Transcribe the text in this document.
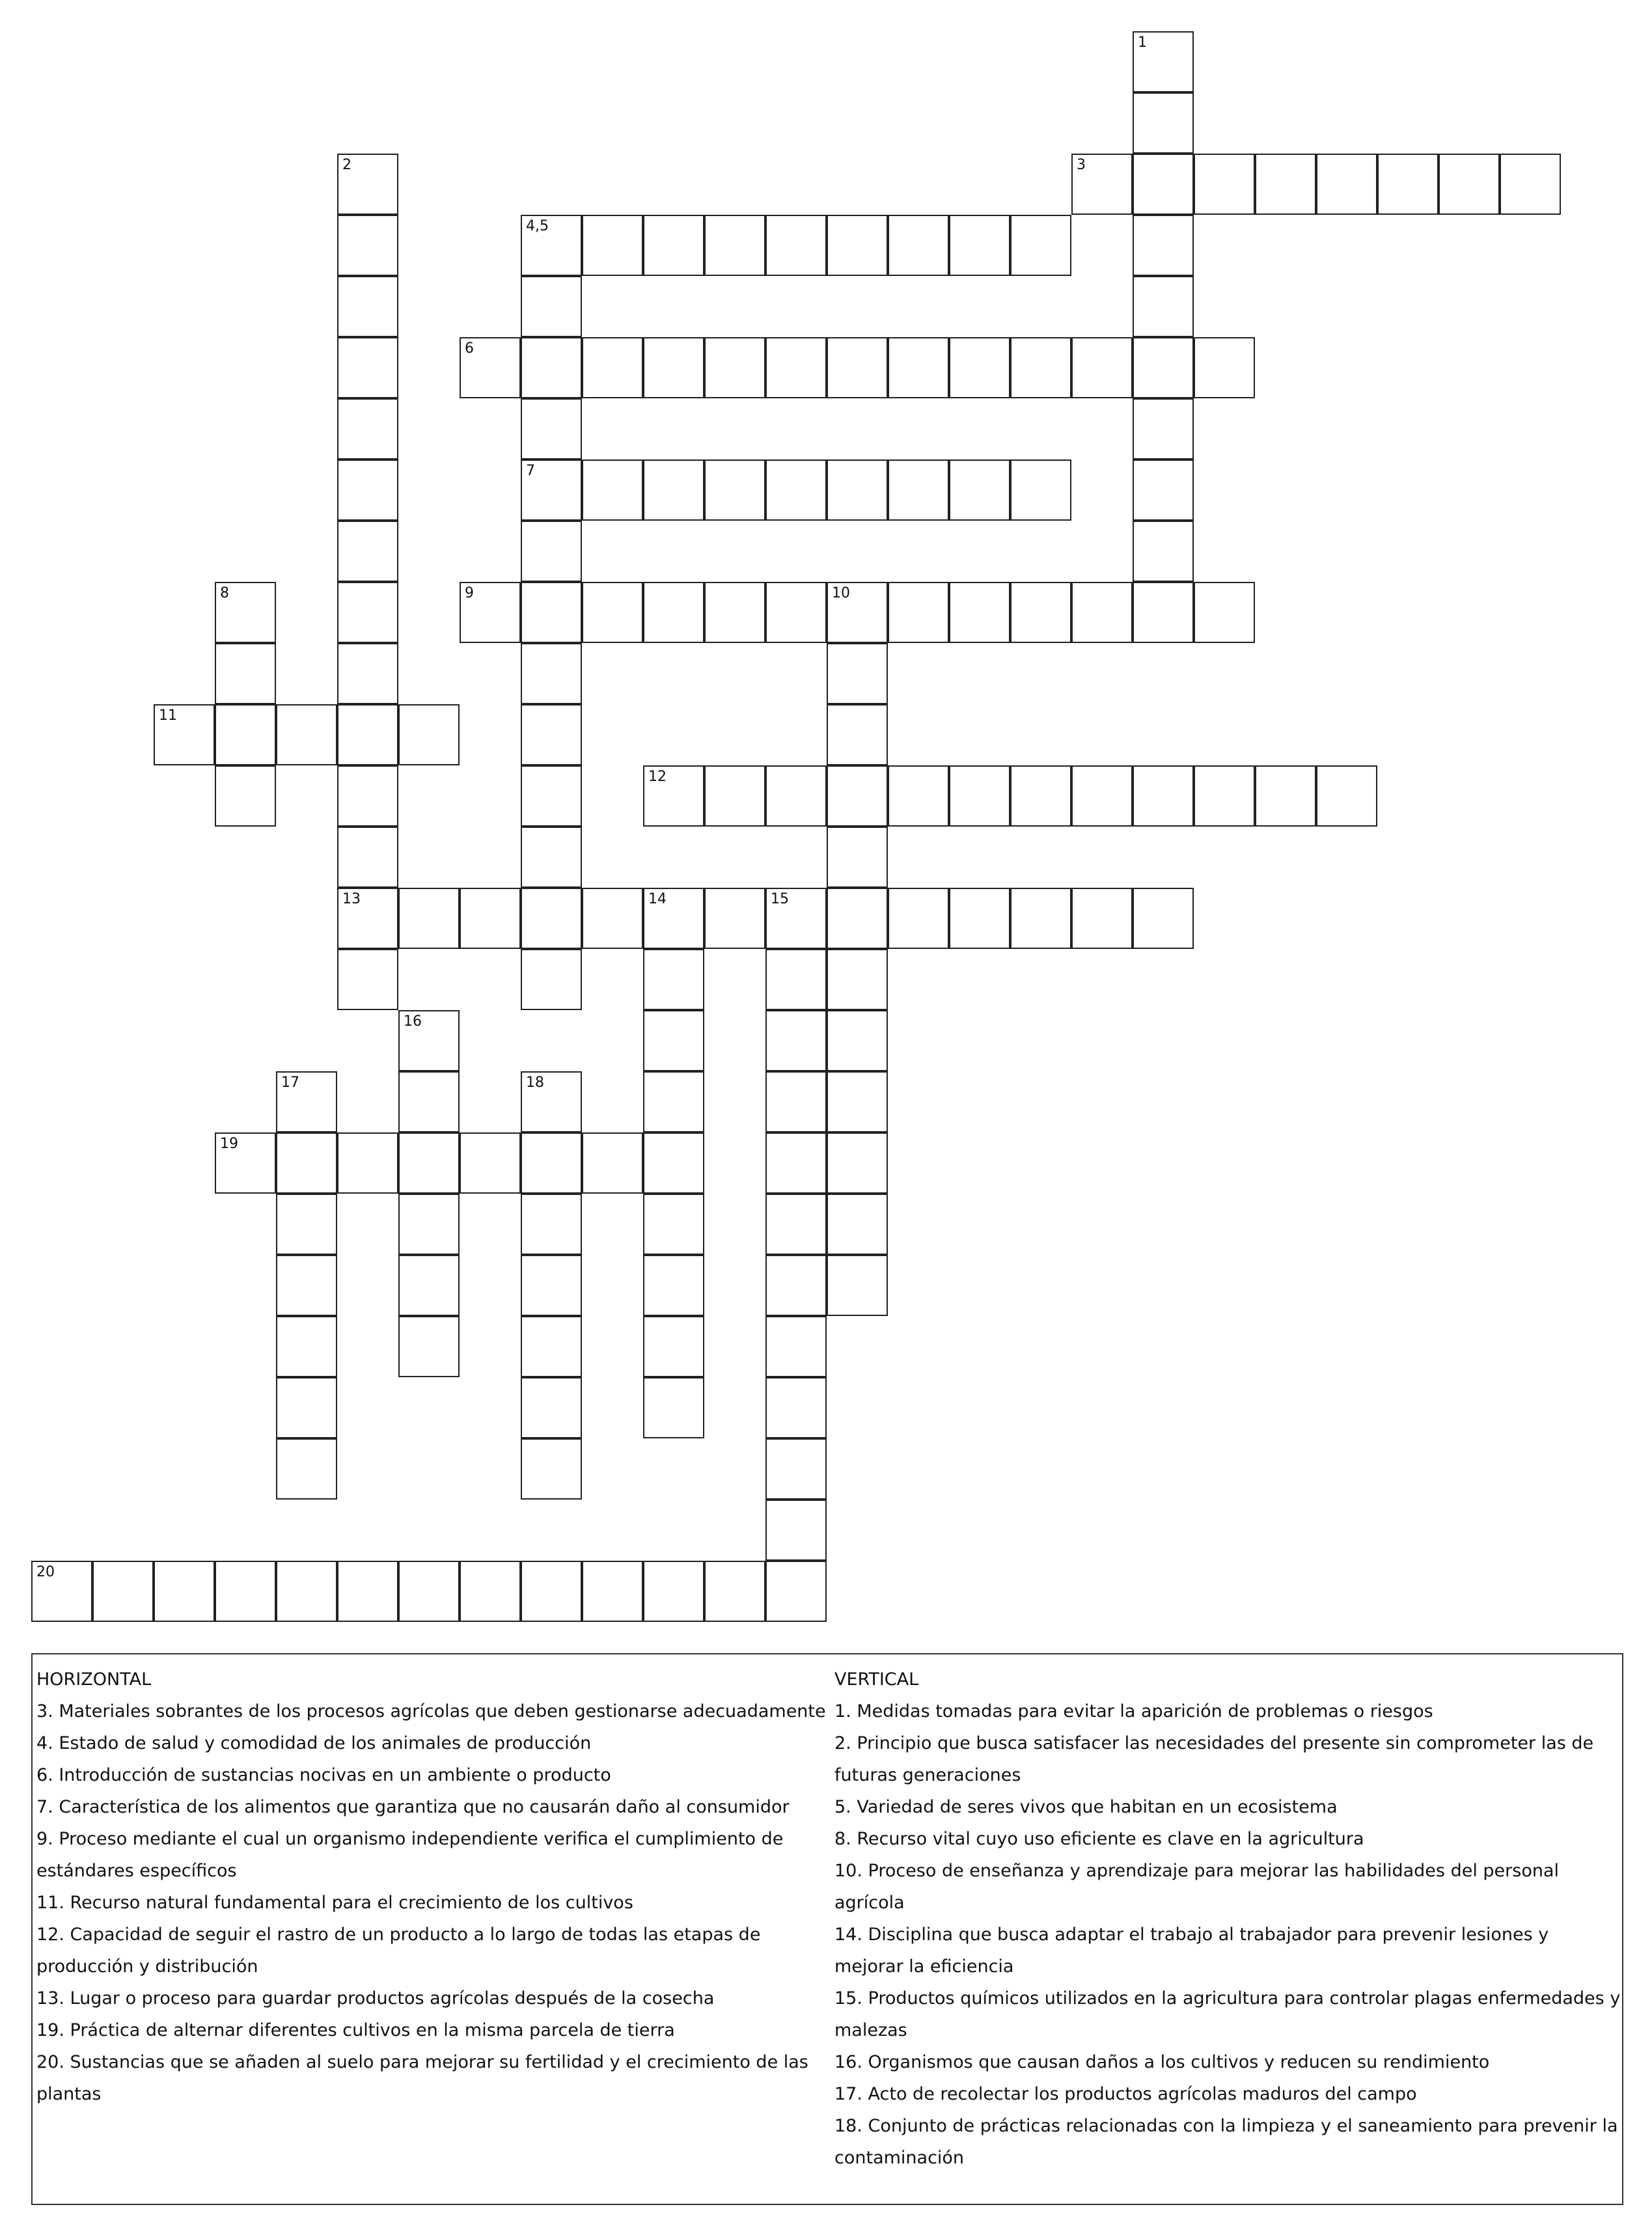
3
4,5
6
7
9	10
11
12
13	14	15
19
20
1
2
8
16
17	18
HORIZONTAL
3. Materiales sobrantes de los procesos agrícolas que deben gestionarse adecuadamente
4. Estado de salud y comodidad de los animales de producción
6. Introducción de sustancias nocivas en un ambiente o producto
7. Característica de los alimentos que garantiza que no causarán daño al consumidor
9. Proceso mediante el cual un organismo independiente verifica el cumplimiento de estándares específicos
11. Recurso natural fundamental para el crecimiento de los cultivos
12. Capacidad de seguir el rastro de un producto a lo largo de todas las etapas de producción y distribución
13. Lugar o proceso para guardar productos agrícolas después de la cosecha
19. Práctica de alternar diferentes cultivos en la misma parcela de tierra
20. Sustancias que se añaden al suelo para mejorar su fertilidad y el crecimiento de las plantas
VERTICAL
1. Medidas tomadas para evitar la aparición de problemas o riesgos
2. Principio que busca satisfacer las necesidades del presente sin comprometer las de futuras generaciones
5. Variedad de seres vivos que habitan en un ecosistema
8. Recurso vital cuyo uso eficiente es clave en la agricultura
10. Proceso de enseñanza y aprendizaje para mejorar las habilidades del personal agrícola
14. Disciplina que busca adaptar el trabajo al trabajador para prevenir lesiones y mejorar la eficiencia
15. Productos químicos utilizados en la agricultura para controlar plagas enfermedades y malezas
16. Organismos que causan daños a los cultivos y reducen su rendimiento
17. Acto de recolectar los productos agrícolas maduros del campo
18. Conjunto de prácticas relacionadas con la limpieza y el saneamiento para prevenir la contaminación
